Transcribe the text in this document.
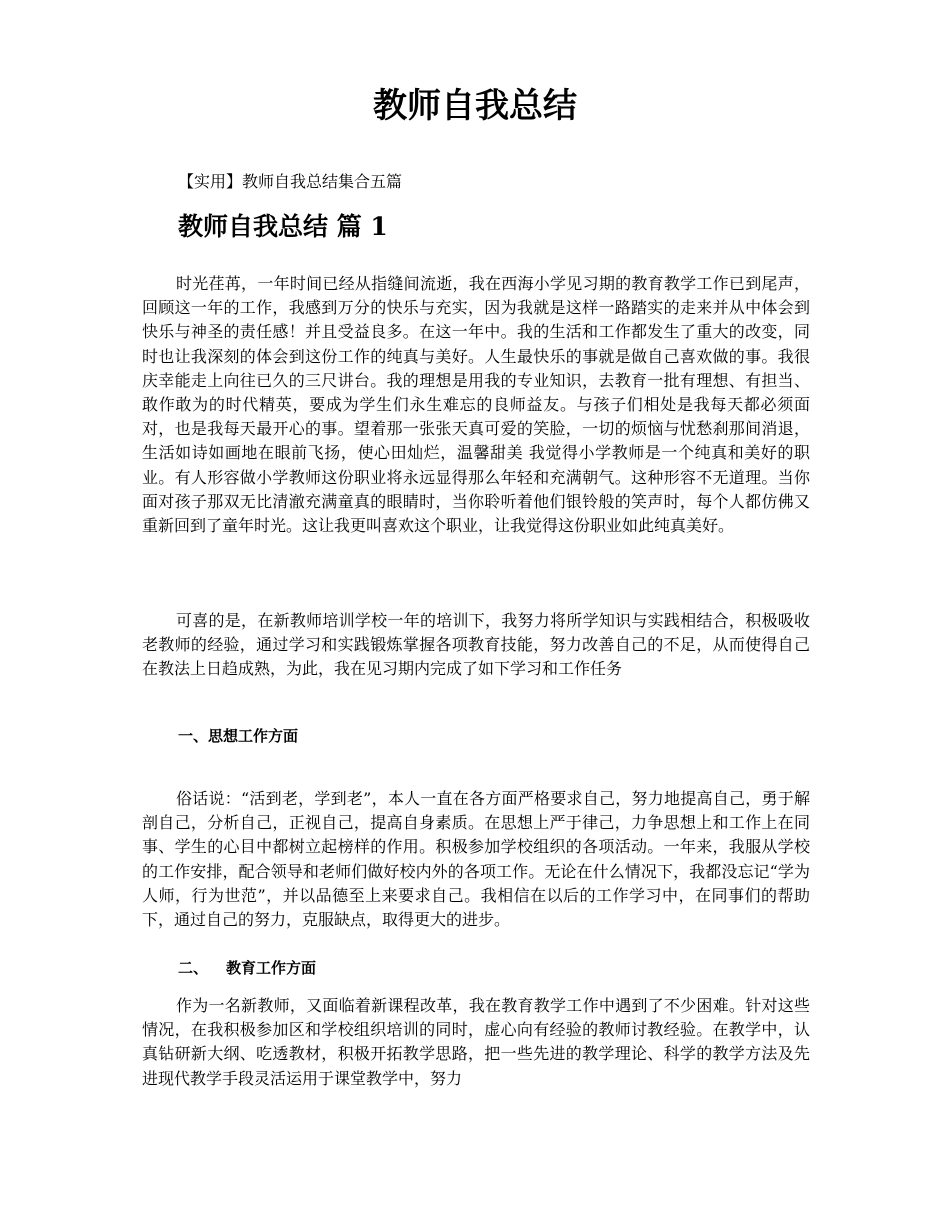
教师自我总结

【实用】教师自我总结集合五篇

教师自我总结 篇 1

时光荏苒，一年时间已经从指缝间流逝，我在西海小学见习期的教育教学工作已到尾声，回顾这一年的工作，我感到万分的快乐与充实，因为我就是这样一路踏实的走来并从中体会到快乐与神圣的责任感！并且受益良多。在这一年中。我的生活和工作都发生了重大的改变，同时也让我深刻的体会到这份工作的纯真与美好。人生最快乐的事就是做自己喜欢做的事。我很庆幸能走上向往已久的三尺讲台。我的理想是用我的专业知识，去教育一批有理想、有担当、敢作敢为的时代精英，要成为学生们永生难忘的良师益友。与孩子们相处是我每天都必须面对，也是我每天最开心的事。望着那一张张天真可爱的笑脸，一切的烦恼与忧愁刹那间消退，生活如诗如画地在眼前飞扬，使心田灿烂，温馨甜美 我觉得小学教师是一个纯真和美好的职业。有人形容做小学教师这份职业将永远显得那么年轻和充满朝气。这种形容不无道理。当你面对孩子那双无比清澈充满童真的眼睛时，当你聆听着他们银铃般的笑声时，每个人都仿佛又重新回到了童年时光。这让我更叫喜欢这个职业，让我觉得这份职业如此纯真美好。

可喜的是，在新教师培训学校一年的培训下，我努力将所学知识与实践相结合，积极吸收老教师的经验，通过学习和实践锻炼掌握各项教育技能，努力改善自己的不足，从而使得自己在教法上日趋成熟，为此，我在见习期内完成了如下学习和工作任务

一、思想工作方面

俗话说：“活到老，学到老”，本人一直在各方面严格要求自己，努力地提高自己，勇于解剖自己，分析自己，正视自己，提高自身素质。在思想上严于律己，力争思想上和工作上在同事、学生的心目中都树立起榜样的作用。积极参加学校组织的各项活动。一年来，我服从学校的工作安排，配合领导和老师们做好校内外的各项工作。无论在什么情况下，我都没忘记“学为人师，行为世范”，并以品德至上来要求自己。我相信在以后的工作学习中，在同事们的帮助下，通过自己的努力，克服缺点，取得更大的进步。

二、 教育工作方面

作为一名新教师，又面临着新课程改革，我在教育教学工作中遇到了不少困难。针对这些情况，在我积极参加区和学校组织培训的同时，虚心向有经验的教师讨教经验。在教学中，认真钻研新大纲、吃透教材，积极开拓教学思路，把一些先进的教学理论、科学的教学方法及先进现代教学手段灵活运用于课堂教学中，努力
